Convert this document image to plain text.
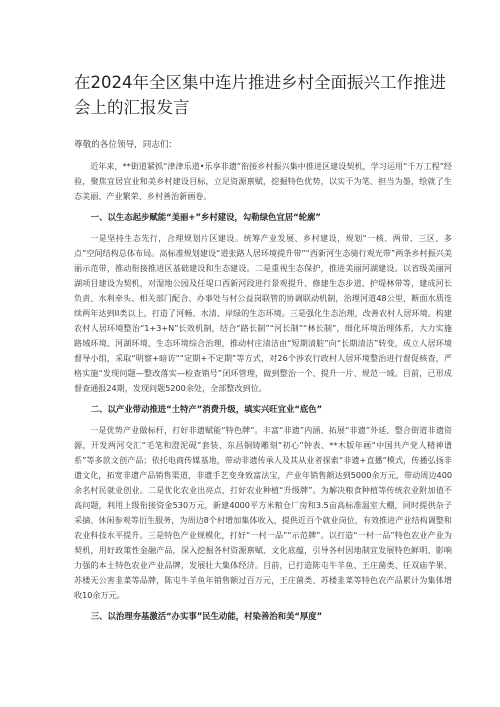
在2024年全区集中连片推进乡村全面振兴工作推进会上的汇报发言

尊敬的各位领导，同志们：

近年来，**街道紧抓“津津乐道•乐享非遗”衔接乡村振兴集中推进区建设契机，学习运用“千万工程”经验，聚焦宜居宜业和美乡村建设目标，立足资源禀赋，挖掘特色优势，以实干为笔、担当为墨，绘就了生态美丽、产业繁荣、乡村善治新画卷。

一、以生态起步赋能“美丽+”乡村建设，勾勒绿色宜居“轮廓”

一是坚持生态先行，合理规划片区建设。统筹产业发展、乡村建设，规划“一核、两带、三区、多点”空间结构总体布局。高标准规划建设“道张路人居环境提升带”“西新河生态骑行观光带”两条乡村振兴美丽示范带，推动衔接推进区基础建设和生态建设。二是重视生态保护，推进美丽河湖建设。以省级美丽河湖项目建设为契机，对湿地公园及任堤口西新河段进行景观提升、修建生态步道、护堤林带等，建成河长负责、水利牵头、相关部门配合、办事处与村公益岗联管的协调联动机制，治理河道48公里，断面水质连续两年达到II类以上，打造了河畅、水清、岸绿的生态环境。三是强化生态治理，改善农村人居环境。构建农村人居环境整治“1+3+N”长效机制，结合“路长制”“河长制”“林长制”，细化环境治理体系，大力实施路域环境、河湖环境、生态环境综合治理，推动村庄清洁由“短期清脏”向“长期清洁”转变，成立人居环境督导小组，采取“明察+暗访”“定期+不定期”等方式，对26个涉农行政村人居环境整治进行督促核查，严格实施“发现问题—整改落实—检查销号”闭环管理，做到整治一个、提升一片、规范一域。目前，已形成督查通报24期，发现问题5200余处，全部整改到位。

二、以产业带动推进“土特产”消费升级，填实兴旺宜业“底色”

一是优势产业做标杆，打好非遗赋能“特色牌”。丰富“非遗”内涵、拓展“非遗”外延，整合街道非遗资源，开发两河交汇“毛笔和澄泥砚”套装、东昌铜铸雕刻“初心”钟表、**木版年画“中国共产党人精神谱系”等多款文创产品；依托电商传媒基地，带动非遗传承人及其从业者探索“非遗+直播”模式，传播弘扬非遗文化，拓宽非遗产品销售渠道，非遗手艺变身致富法宝，产业年销售额达到5000余万元，带动周边400余名村民就业创业。二是优化农业出亮点，打好农业种植“升级牌”。为解决粮食种植等传统农业附加值不高问题，利用上级衔接资金530万元，新建4000平方米粮仓厂房和3.5亩高标准温室大棚，同时提供杂子采摘、休闲参观等衍生服务，为周边8个村增加集体收入，提供近百个就业岗位，有效推进产业结构调整和农业科技水平提升。三是特色产业规模化，打好“一村一品”“示范牌”。以打造“一村一品”特色农业产业为契机，用好政策性金融产品，深入挖掘各村资源禀赋、文化底蕴，引导各村因地制宜发展特色鲜明、影响力强的本土特色农业产业品牌，发展壮大集体经济。目前，已打造陈屯牛羊鱼、王庄菌类、任双庙芋果、苏楼无公害韭菜等品牌，陈屯牛羊鱼年销售额过百万元，王庄菌类、苏楼韭菜等特色农产品累计为集体增收10余万元。

三、以治理夯基激活“办实事”民生动能，村染善治和美“厚度”
